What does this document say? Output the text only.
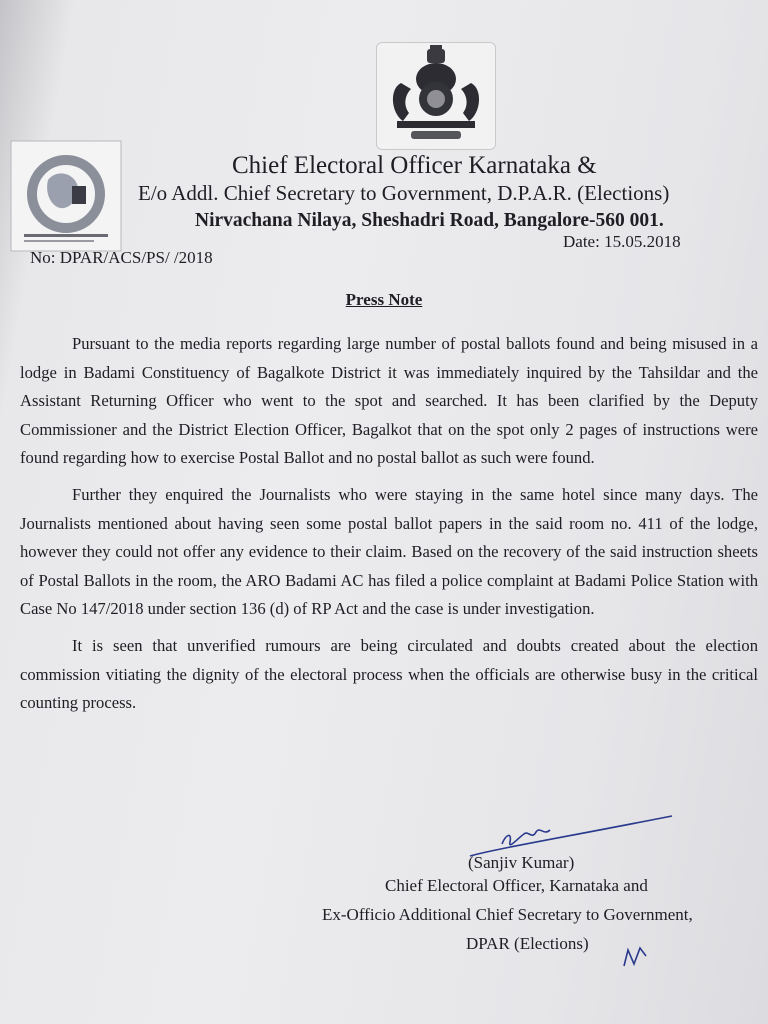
Chief Electoral Officer Karnataka &
E/o Addl. Chief Secretary to Government, D.P.A.R. (Elections)
Nirvachana Nilaya, Sheshadri Road, Bangalore-560 001.
Date: 15.05.2018
No: DPAR/ACS/PS/ /2018
Press Note

Pursuant to the media reports regarding large number of postal ballots found and being misused in a lodge in Badami Constituency of Bagalkote District it was immediately inquired by the Tahsildar and the Assistant Returning Officer who went to the spot and searched. It has been clarified by the Deputy Commissioner and the District Election Officer, Bagalkot that on the spot only 2 pages of instructions were found regarding how to exercise Postal Ballot and no postal ballot as such were found.

Further they enquired the Journalists who were staying in the same hotel since many days. The Journalists mentioned about having seen some postal ballot papers in the said room no. 411 of the lodge, however they could not offer any evidence to their claim. Based on the recovery of the said instruction sheets of Postal Ballots in the room, the ARO Badami AC has filed a police complaint at Badami Police Station with Case No 147/2018 under section 136 (d) of RP Act and the case is under investigation.

It is seen that unverified rumours are being circulated and doubts created about the election commission vitiating the dignity of the electoral process when the officials are otherwise busy in the critical counting process.

(Sanjiv Kumar)
Chief Electoral Officer, Karnataka and
Ex-Officio Additional Chief Secretary to Government,
DPAR (Elections)
